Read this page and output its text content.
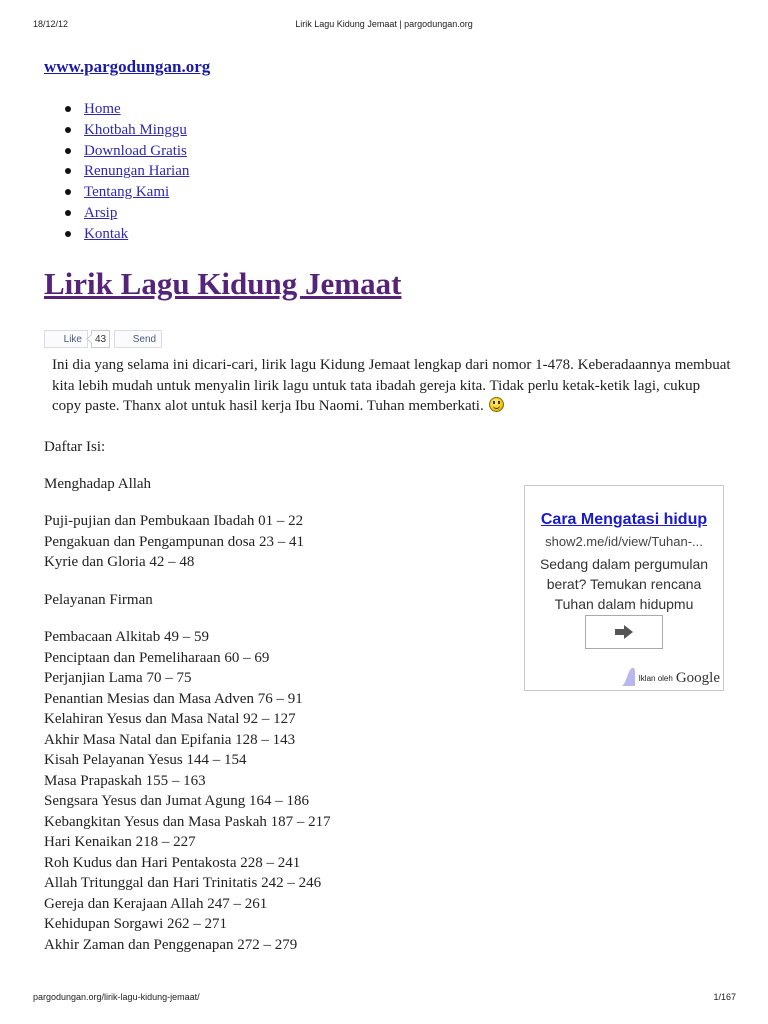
18/12/12	Lirik Lagu Kidung Jemaat | pargodungan.org
www.pargodungan.org
Home
Khotbah Minggu
Download Gratis
Renungan Harian
Tentang Kami
Arsip
Kontak
Lirik Lagu Kidung Jemaat
Like 43	Send

Ini dia yang selama ini dicari-cari, lirik lagu Kidung Jemaat lengkap dari nomor 1-478. Keberadaannya membuat kita lebih mudah untuk menyalin lirik lagu untuk tata ibadah gereja kita. Tidak perlu ketak-ketik lagi, cukup copy paste. Thanx alot untuk hasil kerja Ibu Naomi. Tuhan memberkati.

Daftar Isi:

Menghadap Allah

Puji-pujian dan Pembukaan Ibadah 01 – 22
Pengakuan dan Pengampunan dosa 23 – 41
Kyrie dan Gloria 42 – 48

Pelayanan Firman

Pembacaan Alkitab 49 – 59
Penciptaan dan Pemeliharaan 60 – 69
Perjanjian Lama 70 – 75
Penantian Mesias dan Masa Adven 76 – 91
Kelahiran Yesus dan Masa Natal 92 – 127
Akhir Masa Natal dan Epifania 128 – 143
Kisah Pelayanan Yesus 144 – 154
Masa Prapaskah 155 – 163
Sengsara Yesus dan Jumat Agung 164 – 186
Kebangkitan Yesus dan Masa Paskah 187 – 217
Hari Kenaikan 218 – 227
Roh Kudus dan Hari Pentakosta 228 – 241
Allah Tritunggal dan Hari Trinitatis 242 – 246
Gereja dan Kerajaan Allah 247 – 261
Kehidupan Sorgawi 262 – 271
Akhir Zaman dan Penggenapan 272 – 279
Cara Mengatasi hidup
show2.me/id/view/Tuhan-...
Sedang dalam pergumulan berat? Temukan rencana Tuhan dalam hidupmu
Iklan oleh Google
pargodungan.org/lirik-lagu-kidung-jemaat/	1/167
